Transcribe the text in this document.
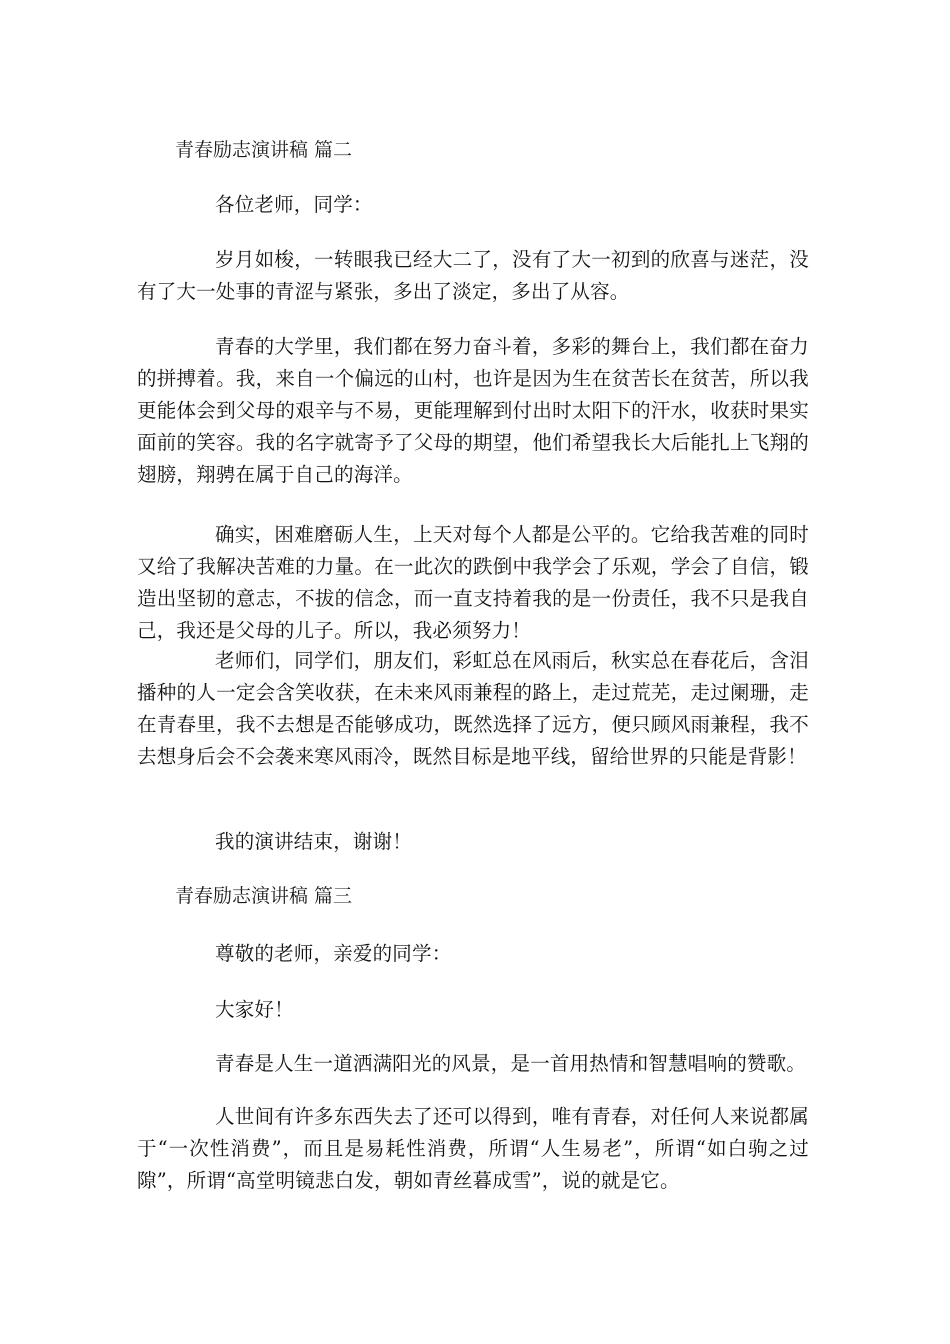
青春励志演讲稿 篇二
各位老师，同学：
岁月如梭，一转眼我已经大二了，没有了大一初到的欣喜与迷茫，没有了大一处事的青涩与紧张，多出了淡定，多出了从容。
青春的大学里，我们都在努力奋斗着，多彩的舞台上，我们都在奋力的拼搏着。我，来自一个偏远的山村，也许是因为生在贫苦长在贫苦，所以我更能体会到父母的艰辛与不易，更能理解到付出时太阳下的汗水，收获时果实面前的笑容。我的名字就寄予了父母的期望，他们希望我长大后能扎上飞翔的翅膀，翔骋在属于自己的海洋。
确实，困难磨砺人生，上天对每个人都是公平的。它给我苦难的同时又给了我解决苦难的力量。在一此次的跌倒中我学会了乐观，学会了自信，锻造出坚韧的意志，不拔的信念，而一直支持着我的是一份责任，我不只是我自己，我还是父母的儿子。所以，我必须努力！
老师们，同学们，朋友们，彩虹总在风雨后，秋实总在春花后，含泪播种的人一定会含笑收获，在未来风雨兼程的路上，走过荒芜，走过阑珊，走在青春里，我不去想是否能够成功，既然选择了远方，便只顾风雨兼程，我不去想身后会不会袭来寒风雨冷，既然目标是地平线，留给世界的只能是背影！
我的演讲结束，谢谢！
青春励志演讲稿 篇三
尊敬的老师，亲爱的同学：
大家好！
青春是人生一道洒满阳光的风景，是一首用热情和智慧唱响的赞歌。
人世间有许多东西失去了还可以得到，唯有青春，对任何人来说都属于“一次性消费”，而且是易耗性消费，所谓“人生易老”，所谓“如白驹之过隙”，所谓“高堂明镜悲白发，朝如青丝暮成雪”，说的就是它。
